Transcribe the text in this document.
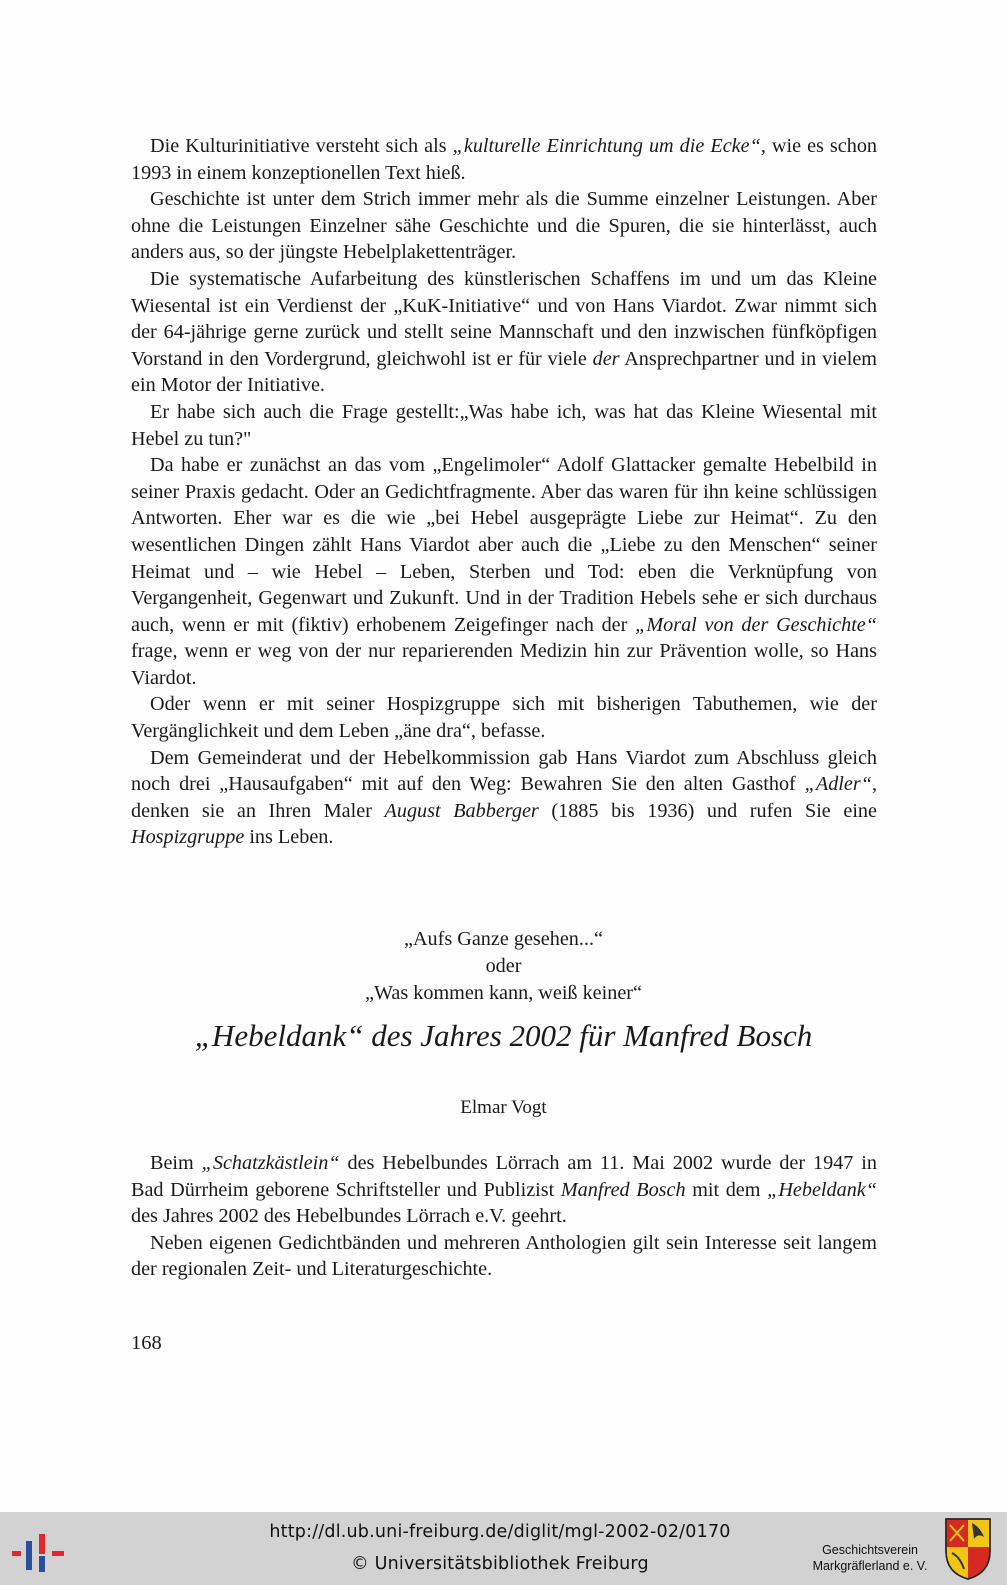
Die Kulturinitiative versteht sich als „kulturelle Einrichtung um die Ecke“, wie es schon 1993 in einem konzeptionellen Text hieß.

Geschichte ist unter dem Strich immer mehr als die Summe einzelner Leistungen. Aber ohne die Leistungen Einzelner sähe Geschichte und die Spuren, die sie hinterlässt, auch anders aus, so der jüngste Hebelplakettenträger.

Die systematische Aufarbeitung des künstlerischen Schaffens im und um das Kleine Wiesental ist ein Verdienst der „KuK-Initiative“ und von Hans Viardot. Zwar nimmt sich der 64-jährige gerne zurück und stellt seine Mannschaft und den inzwischen fünfköpfigen Vorstand in den Vordergrund, gleichwohl ist er für viele der Ansprechpartner und in vielem ein Motor der Initiative.

Er habe sich auch die Frage gestellt:„Was habe ich, was hat das Kleine Wiesental mit Hebel zu tun?"

Da habe er zunächst an das vom „Engelimoler“ Adolf Glattacker gemalte Hebelbild in seiner Praxis gedacht. Oder an Gedichtfragmente. Aber das waren für ihn keine schlüssigen Antworten. Eher war es die wie „bei Hebel ausgeprägte Liebe zur Heimat“. Zu den wesentlichen Dingen zählt Hans Viardot aber auch die „Liebe zu den Menschen“ seiner Heimat und – wie Hebel – Leben, Sterben und Tod: eben die Verknüpfung von Vergangenheit, Gegenwart und Zukunft. Und in der Tradition Hebels sehe er sich durchaus auch, wenn er mit (fiktiv) erhobenem Zeigefinger nach der „Moral von der Geschichte“ frage, wenn er weg von der nur reparierenden Medizin hin zur Prävention wolle, so Hans Viardot.

Oder wenn er mit seiner Hospizgruppe sich mit bisherigen Tabuthemen, wie der Vergänglichkeit und dem Leben „äne dra“, befasse.

Dem Gemeinderat und der Hebelkommission gab Hans Viardot zum Abschluss gleich noch drei „Hausaufgaben“ mit auf den Weg: Bewahren Sie den alten Gasthof „Adler“, denken sie an Ihren Maler August Babberger (1885 bis 1936) und rufen Sie eine Hospizgruppe ins Leben.

„Aufs Ganze gesehen...“
oder
„Was kommen kann, weiß keiner“
„Hebeldank“ des Jahres 2002 für Manfred Bosch
Elmar Vogt

Beim „Schatzkästlein“ des Hebelbundes Lörrach am 11. Mai 2002 wurde der 1947 in Bad Dürrheim geborene Schriftsteller und Publizist Manfred Bosch mit dem „Hebeldank“ des Jahres 2002 des Hebelbundes Lörrach e.V. geehrt.

Neben eigenen Gedichtbänden und mehreren Anthologien gilt sein Interesse seit langem der regionalen Zeit- und Literaturgeschichte.

168
http://dl.ub.uni-freiburg.de/diglit/mgl-2002-02/0170
© Universitätsbibliothek Freiburg
Geschichtsverein
Markgräflerland e. V.
